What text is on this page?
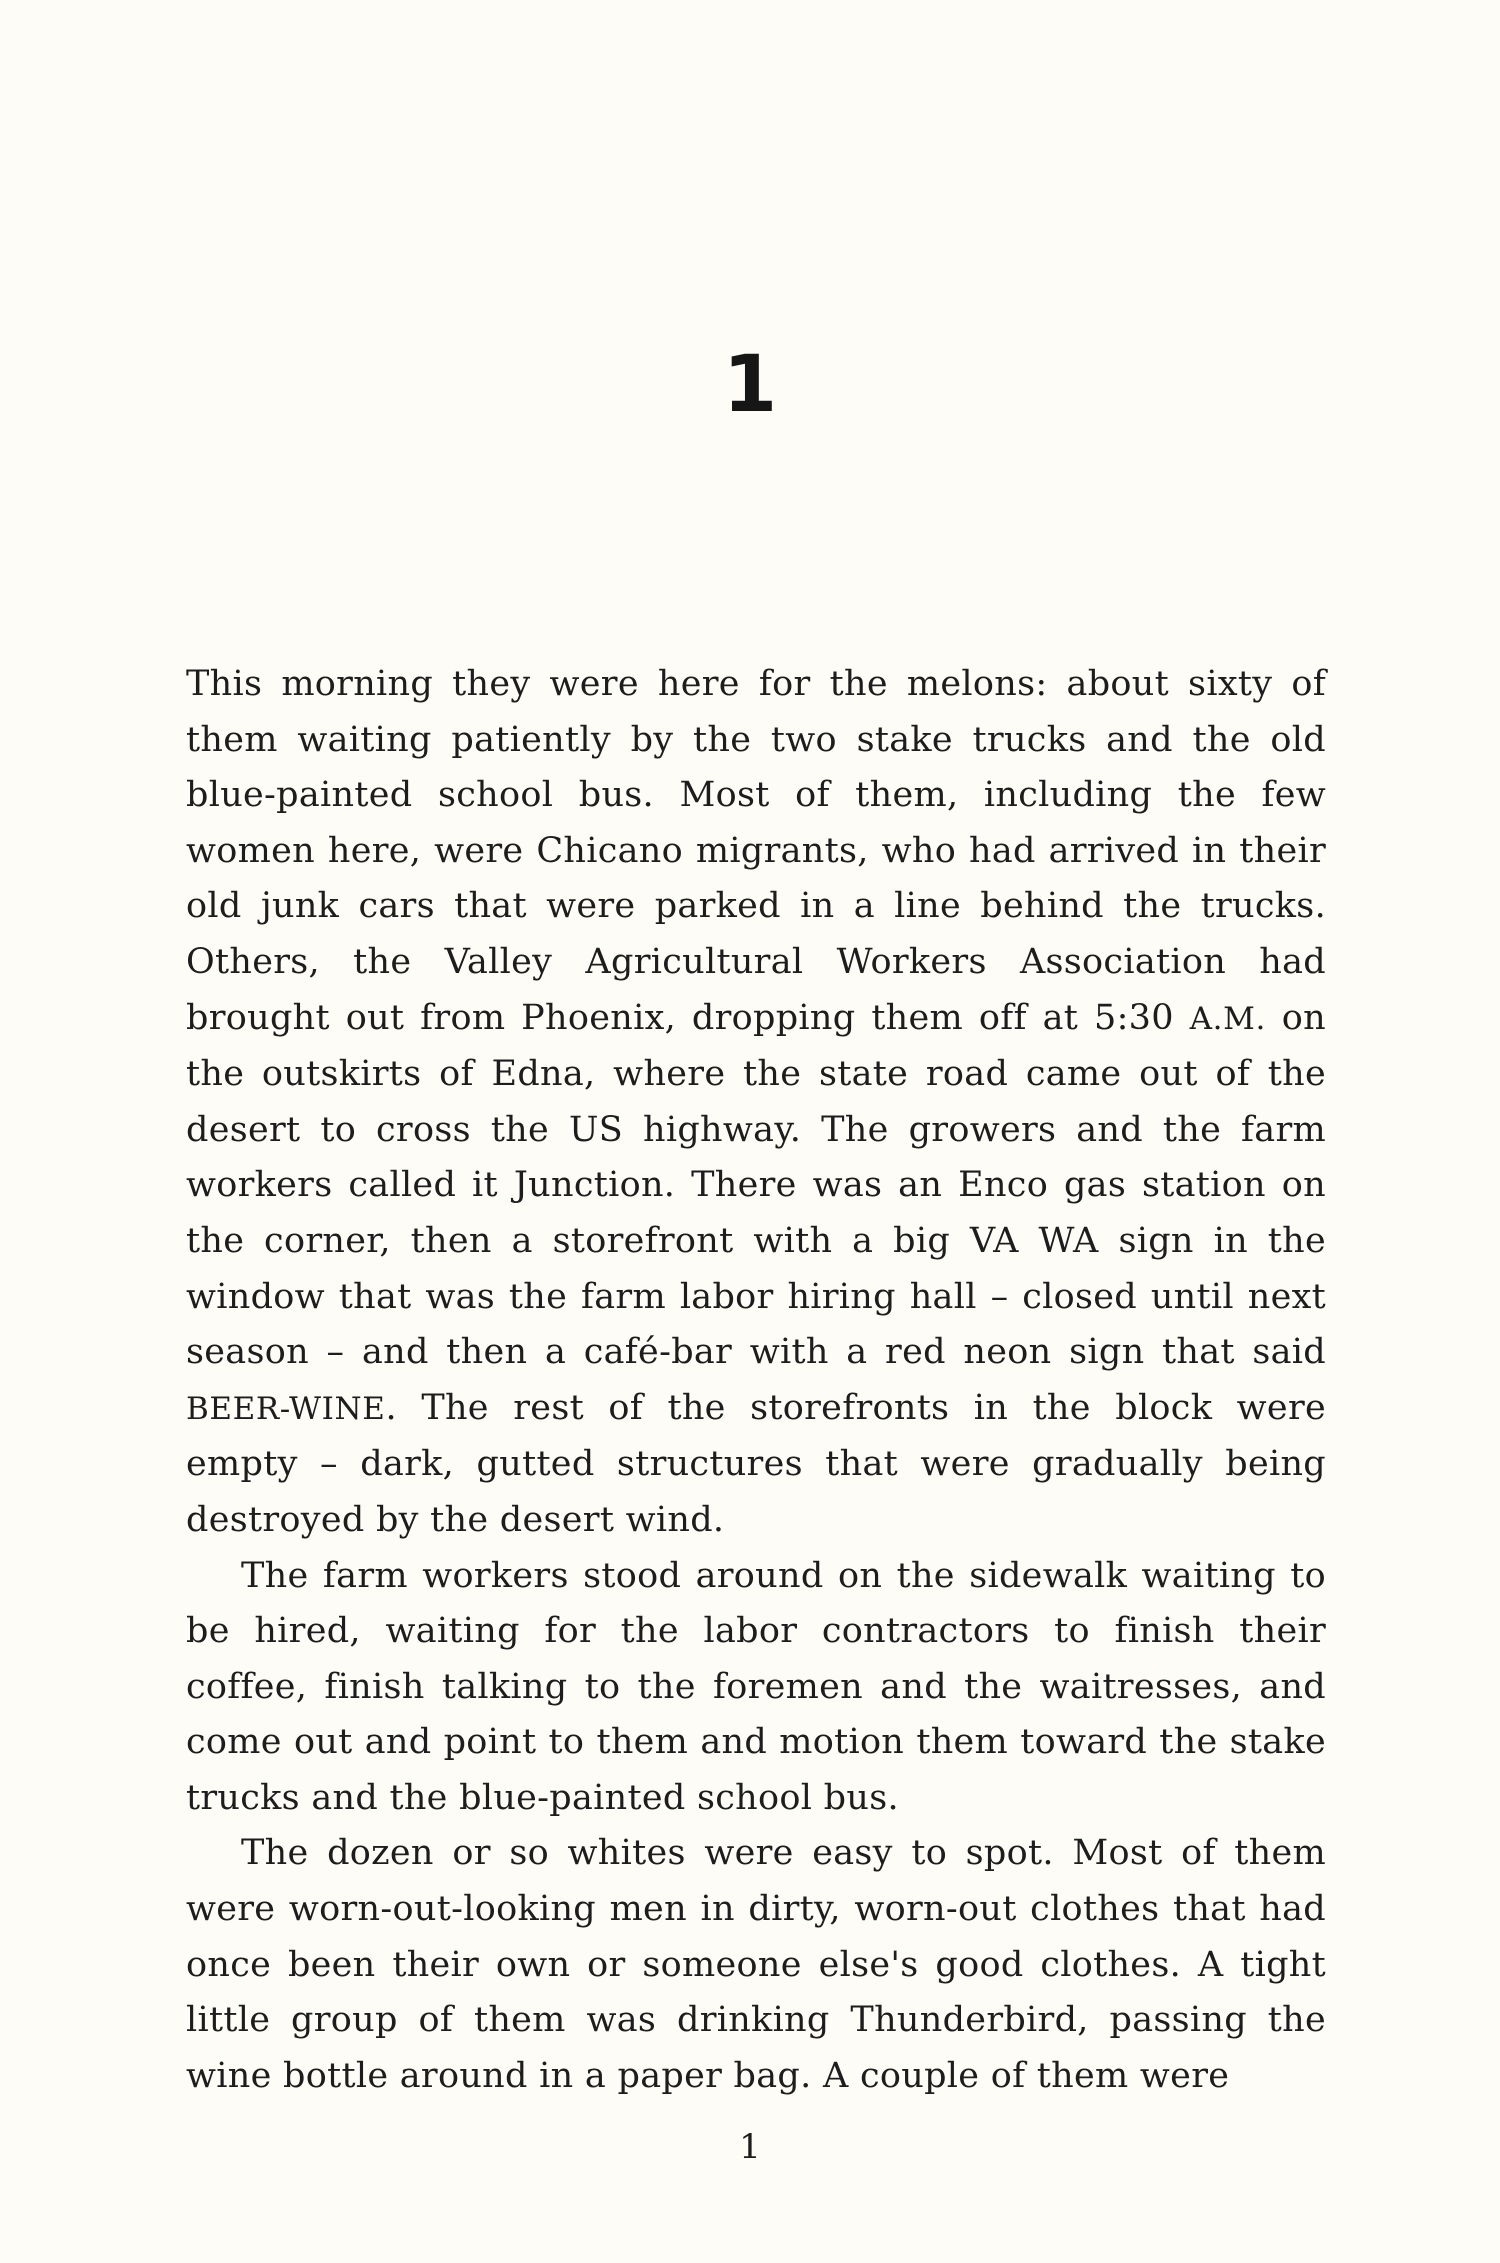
1

This morning they were here for the melons: about sixty of them waiting patiently by the two stake trucks and the old blue-painted school bus. Most of them, including the few women here, were Chicano migrants, who had arrived in their old junk cars that were parked in a line behind the trucks. Others, the Valley Agricultural Workers Association had brought out from Phoenix, dropping them off at 5:30 A.M. on the outskirts of Edna, where the state road came out of the desert to cross the US highway. The growers and the farm workers called it Junction. There was an Enco gas station on the corner, then a storefront with a big VA WA sign in the window that was the farm labor hiring hall – closed until next season – and then a café-bar with a red neon sign that said BEER-WINE. The rest of the storefronts in the block were empty – dark, gutted structures that were gradually being destroyed by the desert wind.

The farm workers stood around on the sidewalk waiting to be hired, waiting for the labor contractors to finish their coffee, finish talking to the foremen and the waitresses, and come out and point to them and motion them toward the stake trucks and the blue-painted school bus.

The dozen or so whites were easy to spot. Most of them were worn-out-looking men in dirty, worn-out clothes that had once been their own or someone else's good clothes. A tight little group of them was drinking Thunderbird, passing the wine bottle around in a paper bag. A couple of them were

1
